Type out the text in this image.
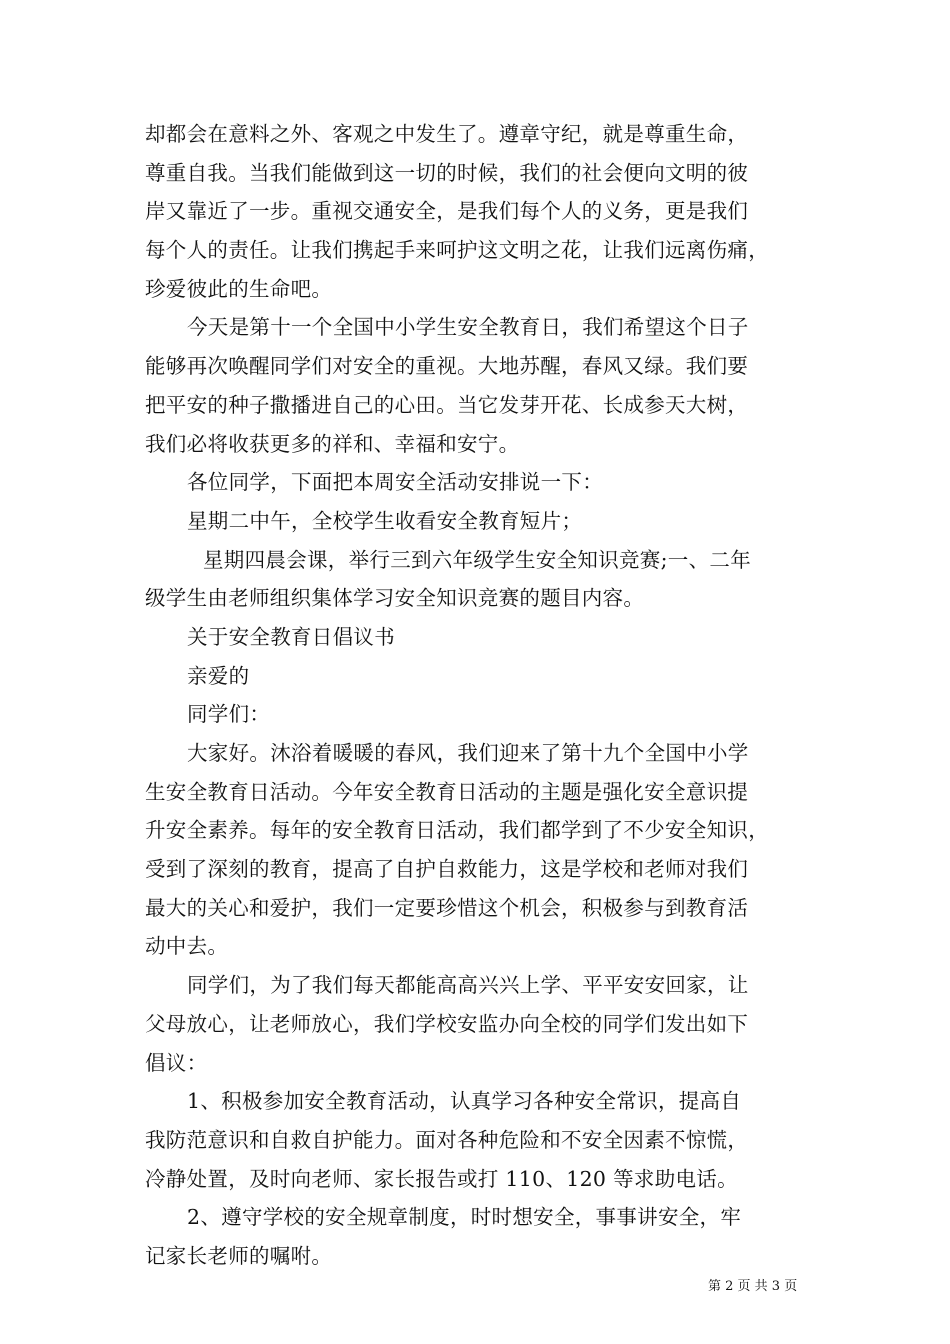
却都会在意料之外、客观之中发生了。遵章守纪，就是尊重生命，
尊重自我。当我们能做到这一切的时候，我们的社会便向文明的彼
岸又靠近了一步。重视交通安全，是我们每个人的义务，更是我们
每个人的责任。让我们携起手来呵护这文明之花，让我们远离伤痛，
珍爱彼此的生命吧。
今天是第十一个全国中小学生安全教育日，我们希望这个日子
能够再次唤醒同学们对安全的重视。大地苏醒，春风又绿。我们要
把平安的种子撒播进自己的心田。当它发芽开花、长成参天大树，
我们必将收获更多的祥和、幸福和安宁。
各位同学，下面把本周安全活动安排说一下：
星期二中午，全校学生收看安全教育短片；
星期四晨会课，举行三到六年级学生安全知识竞赛;一、二年
级学生由老师组织集体学习安全知识竞赛的题目内容。
关于安全教育日倡议书
亲爱的
同学们：
大家好。沐浴着暖暖的春风，我们迎来了第十九个全国中小学
生安全教育日活动。今年安全教育日活动的主题是强化安全意识提
升安全素养。每年的安全教育日活动，我们都学到了不少安全知识，
受到了深刻的教育，提高了自护自救能力，这是学校和老师对我们
最大的关心和爱护，我们一定要珍惜这个机会，积极参与到教育活
动中去。
同学们，为了我们每天都能高高兴兴上学、平平安安回家，让
父母放心，让老师放心，我们学校安监办向全校的同学们发出如下
倡议：
1、积极参加安全教育活动，认真学习各种安全常识，提高自
我防范意识和自救自护能力。面对各种危险和不安全因素不惊慌，
冷静处置，及时向老师、家长报告或打 110、120 等求助电话。
2、遵守学校的安全规章制度，时时想安全，事事讲安全，牢
记家长老师的嘱咐。
第 2 页 共 3 页
